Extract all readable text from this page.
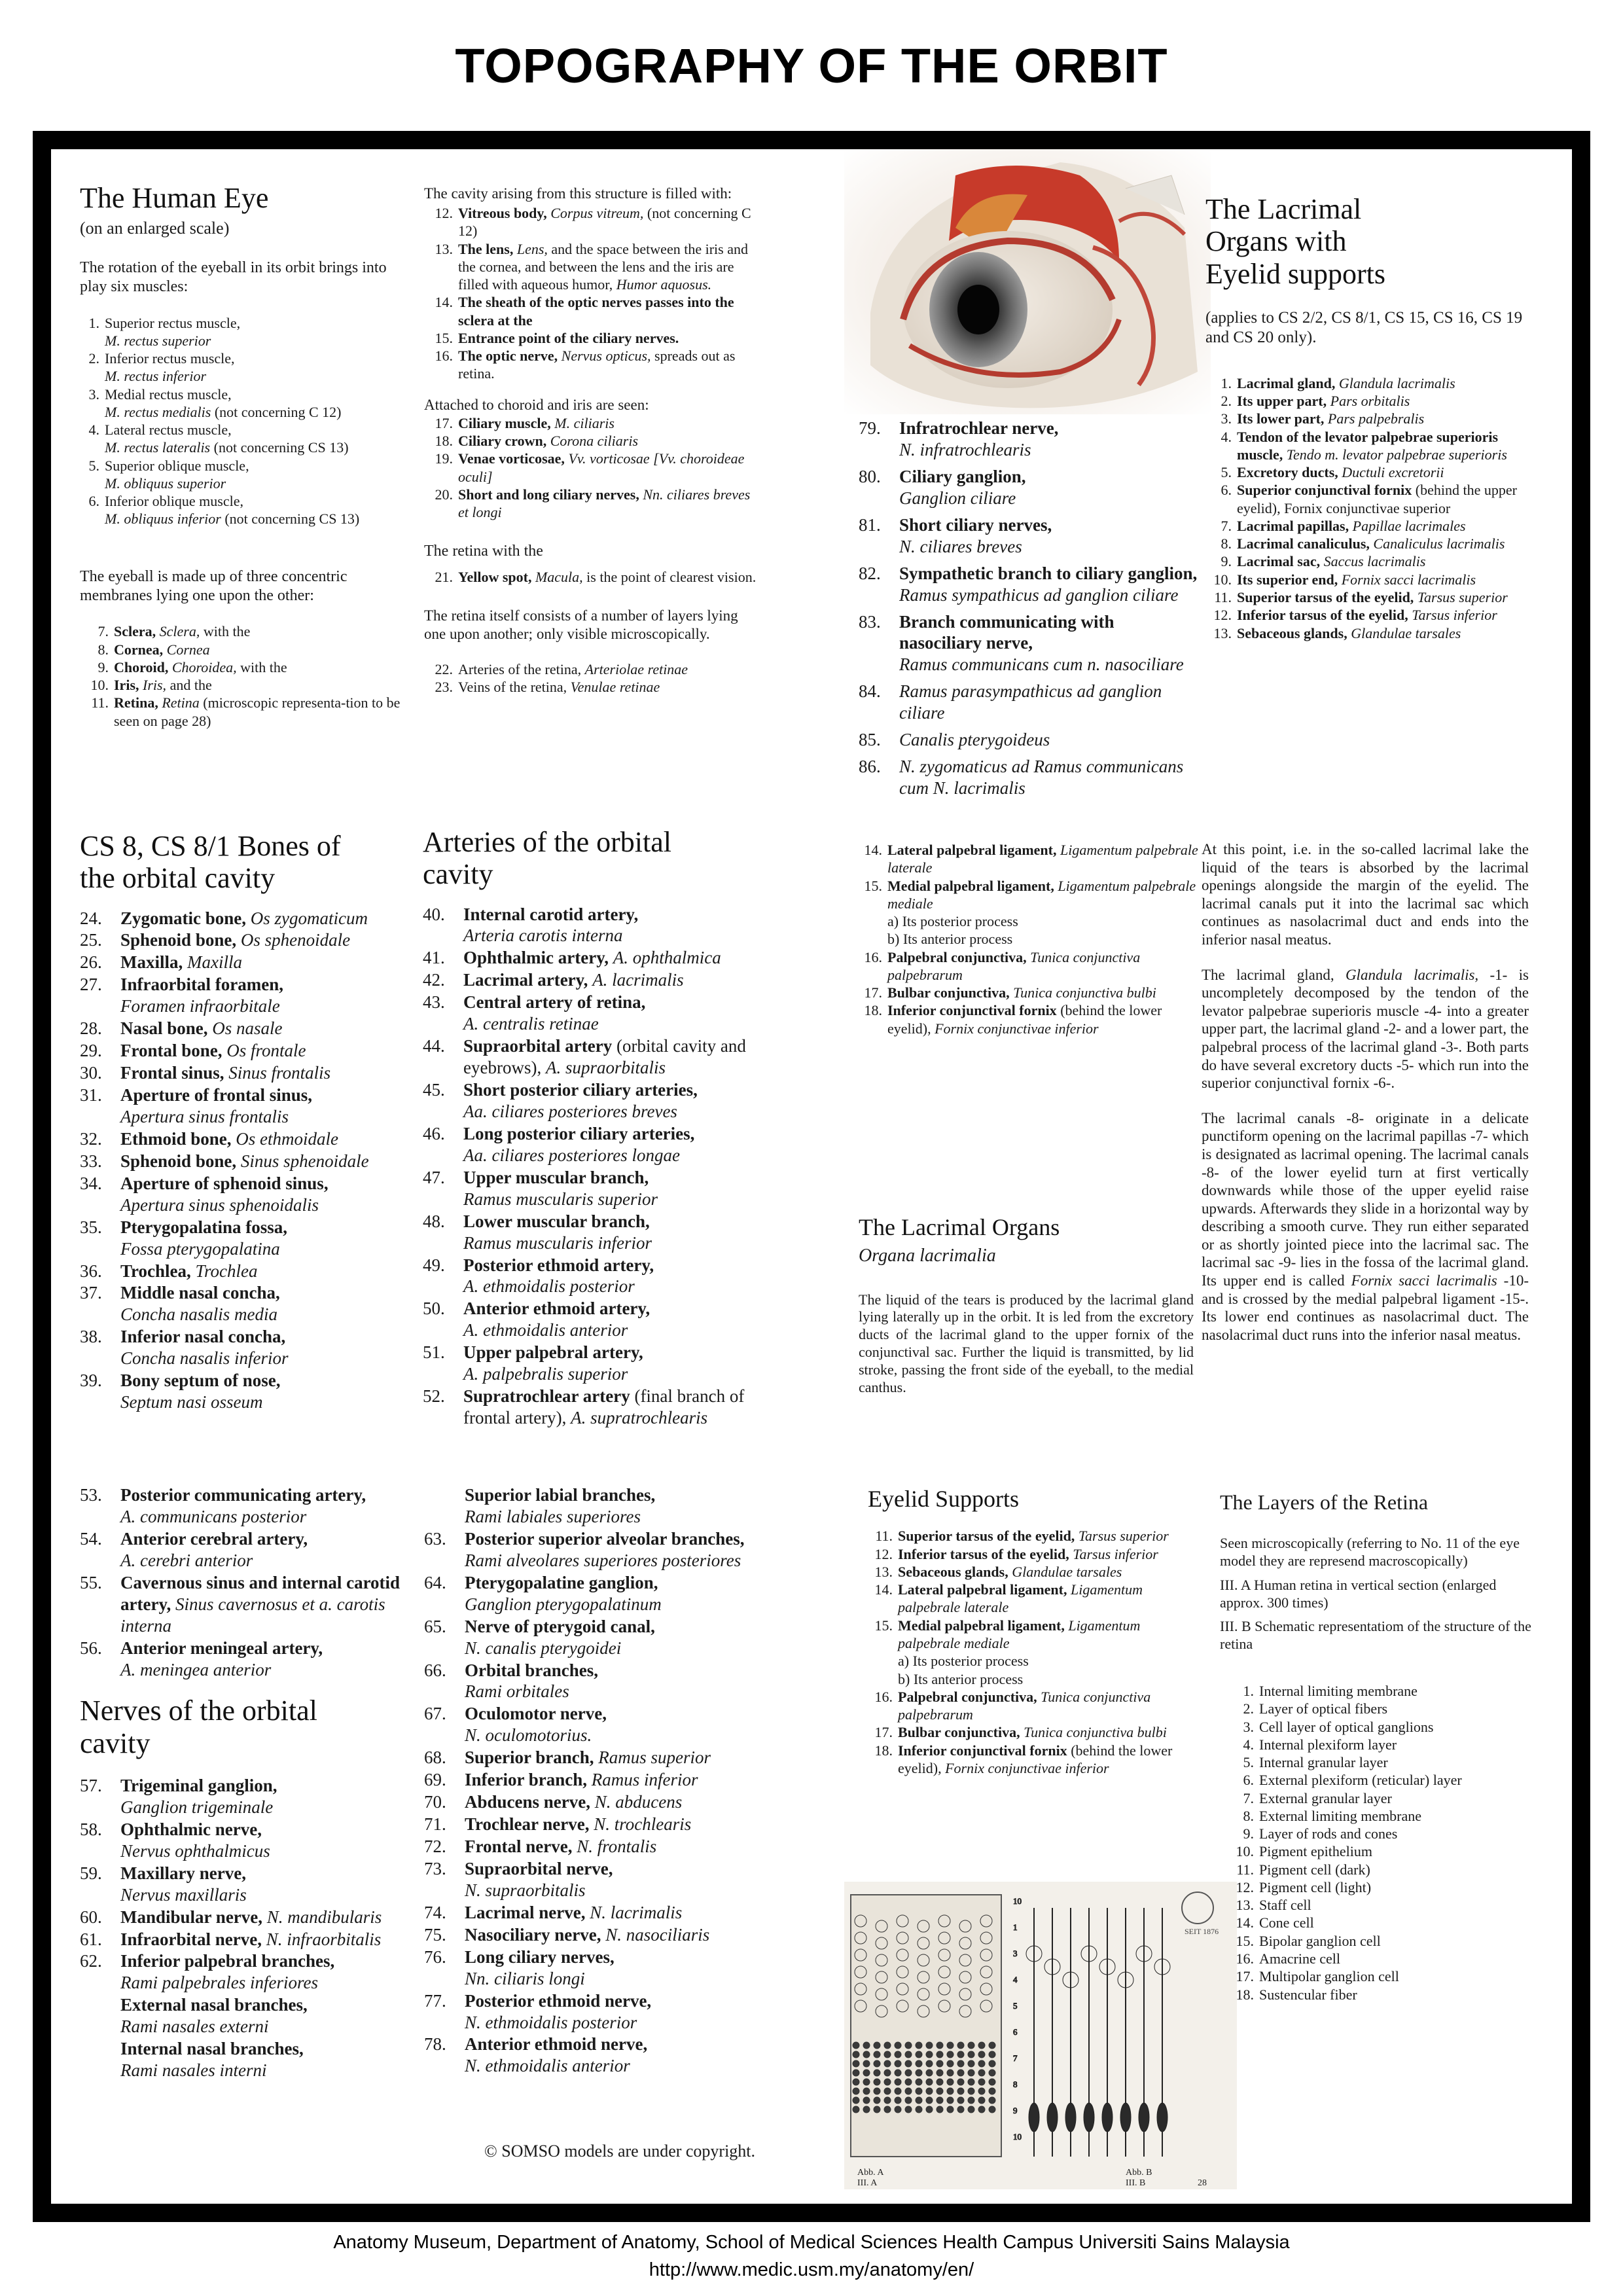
TOPOGRAPHY OF THE ORBIT
The Human Eye
(on an enlarged scale)

The rotation of the eyeball in its orbit brings into play six muscles:

1. Superior rectus muscle,
M. rectus superior
2. Inferior rectus muscle,
M. rectus inferior
3. Medial rectus muscle,
M. rectus medialis (not concerning C 12)
4. Lateral rectus muscle,
M. rectus lateralis (not concerning CS 13)
5. Superior oblique muscle,
M. obliquus superior
6. Inferior oblique muscle,
M. obliquus inferior (not concerning CS 13)

The eyeball is made up of three concentric membranes lying one upon the other:

7. Sclera, Sclera, with the
8. Cornea, Cornea
9. Choroid, Choroidea, with the
10. Iris, Iris, and the
11. Retina, Retina (microscopic representa-tion to be seen on page 28)
The cavity arising from this structure is filled with:
12. Vitreous body, Corpus vitreum, (not concerning C 12)
13. The lens, Lens, and the space between the iris and the cornea, and between the lens and the iris are filled with aqueous humor, Humor aquosus.
14. The sheath of the optic nerves passes into the sclera at the
15. Entrance point of the ciliary nerves.
16. The optic nerve, Nervus opticus, spreads out as retina.
Attached to choroid and iris are seen:
17. Ciliary muscle, M. ciliaris
18. Ciliary crown, Corona ciliaris
19. Venae vorticosae, Vv. vorticosae [Vv. choroideae oculi]
20. Short and long ciliary nerves, Nn. ciliares breves et longi
The retina with the
21. Yellow spot, Macula, is the point of clearest vision.
The retina itself consists of a number of layers lying one upon another; only visible microscopically.
22. Arteries of the retina, Arteriolae retinae
23. Veins of the retina, Venulae retinae
79.	Infratrochlear nerve,
N. infratrochlearis
80.	Ciliary ganglion,
Ganglion ciliare
81.	Short ciliary nerves,
N. ciliares breves
82.	Sympathetic branch to ciliary ganglion,
Ramus sympathicus ad ganglion ciliare
83.	Branch communicating with nasociliary nerve,
Ramus communicans cum n. nasociliare
84.	Ramus parasympathicus ad ganglion ciliare
85.	Canalis pterygoideus
86.	N. zygomaticus ad Ramus communicans cum N. lacrimalis
The Lacrimal Organs with Eyelid supports

(applies to CS 2/2, CS 8/1, CS 15, CS 16, CS 19 and CS 20 only).

1. Lacrimal gland, Glandula lacrimalis
2. Its upper part, Pars orbitalis
3. Its lower part, Pars palpebralis
4. Tendon of the levator palpebrae superioris muscle, Tendo m. levator palpebrae superioris
5. Excretory ducts, Ductuli excretorii
6. Superior conjunctival fornix (behind the upper eyelid), Fornix conjunctivae superior
7. Lacrimal papillas, Papillae lacrimales
8. Lacrimal canaliculus, Canaliculus lacrimalis
9. Lacrimal sac, Saccus lacrimalis
10. Its superior end, Fornix sacci lacrimalis
11. Superior tarsus of the eyelid, Tarsus superior
12. Inferior tarsus of the eyelid, Tarsus inferior
13. Sebaceous glands, Glandulae tarsales
CS 8, CS 8/1 Bones of the orbital cavity
24.	Zygomatic bone, Os zygomaticum
25.	Sphenoid bone, Os sphenoidale
26.	Maxilla, Maxilla
27.	Infraorbital foramen,
Foramen infraorbitale
28.	Nasal bone, Os nasale
29.	Frontal bone, Os frontale
30.	Frontal sinus, Sinus frontalis
31.	Aperture of frontal sinus,
Apertura sinus frontalis
32.	Ethmoid bone, Os ethmoidale
33.	Sphenoid bone, Sinus sphenoidale
34.	Aperture of sphenoid sinus,
Apertura sinus sphenoidalis
35.	Pterygopalatina fossa,
Fossa pterygopalatina
36.	Trochlea, Trochlea
37.	Middle nasal concha,
Concha nasalis media
38.	Inferior nasal concha,
Concha nasalis inferior
39.	Bony septum of nose,
Septum nasi osseum
Arteries of the orbital cavity
40.	Internal carotid artery,
Arteria carotis interna
41.	Ophthalmic artery, A. ophthalmica
42.	Lacrimal artery, A. lacrimalis
43.	Central artery of retina,
A. centralis retinae
44.	Supraorbital artery (orbital cavity and eyebrows), A. supraorbitalis
45.	Short posterior ciliary arteries,
Aa. ciliares posteriores breves
46.	Long posterior ciliary arteries,
Aa. ciliares posteriores longae
47.	Upper muscular branch,
Ramus muscularis superior
48.	Lower muscular branch,
Ramus muscularis inferior
49.	Posterior ethmoid artery,
A. ethmoidalis posterior
50.	Anterior ethmoid artery,
A. ethmoidalis anterior
51.	Upper palpebral artery,
A. palpebralis superior
52.	Supratrochlear artery (final branch of frontal artery), A. supratrochlearis
14. Lateral palpebral ligament, Ligamentum palpebrale laterale
15. Medial palpebral ligament, Ligamentum palpebrale mediale
a) Its posterior process
b) Its anterior process
16. Palpebral conjunctiva, Tunica conjunctiva palpebrarum
17. Bulbar conjunctiva, Tunica conjunctiva bulbi
18. Inferior conjunctival fornix (behind the lower eyelid), Fornix conjunctivae inferior
The Lacrimal Organs
Organa lacrimalia

The liquid of the tears is produced by the lacrimal gland lying laterally up in the orbit. It is led from the excretory ducts of the lacrimal gland to the upper fornix of the conjunctival sac. Further the liquid is transmitted, by lid stroke, passing the front side of the eyeball, to the medial canthus.

At this point, i.e. in the so-called lacrimal lake the liquid of the tears is absorbed by the lacrimal openings alongside the margin of the eyelid. The lacrimal canals put it into the lacrimal sac which continues as nasolacrimal duct and ends into the inferior nasal meatus.

The lacrimal gland, Glandula lacrimalis, -1- is uncompletely decomposed by the tendon of the levator palpebrae superioris muscle -4- into a greater upper part, the lacrimal gland -2- and a lower part, the palpebral process of the lacrimal gland -3-. Both parts do have several excretory ducts -5- which run into the superior conjunctival fornix -6-.

The lacrimal canals -8- originate in a delicate punctiform opening on the lacrimal papillas -7- which is designated as lacrimal opening. The lacrimal canals -8- of the lower eyelid turn at first vertically downwards while those of the upper eyelid raise upwards. Afterwards they slide in a horizontal way by describing a smooth curve. They run either separated or as shortly jointed piece into the lacrimal sac. The lacrimal sac -9- lies in the fossa of the lacrimal gland. Its upper end is called Fornix sacci lacrimalis -10- and is crossed by the medial palpebral ligament -15-. Its lower end continues as nasolacrimal duct. The nasolacrimal duct runs into the inferior nasal meatus.

53.	Posterior communicating artery,
A. communicans posterior
54.	Anterior cerebral artery,
A. cerebri anterior
55.	Cavernous sinus and internal carotid artery, Sinus cavernosus et a. carotis interna
56.	Anterior meningeal artery,
A. meningea anterior
Nerves of the orbital cavity
57.	Trigeminal ganglion,
Ganglion trigeminale
58.	Ophthalmic nerve,
Nervus ophthalmicus
59.	Maxillary nerve,
Nervus maxillaris
60.	Mandibular nerve, N. mandibularis
61.	Infraorbital nerve, N. infraorbitalis
62.	Inferior palpebral branches,
Rami palpebrales inferiores
External nasal branches,
Rami nasales externi
Internal nasal branches,
Rami nasales interni
Superior labial branches,
Rami labiales superiores
63.	Posterior superior alveolar branches, Rami alveolares superiores posteriores
64.	Pterygopalatine ganglion,
Ganglion pterygopalatinum
65.	Nerve of pterygoid canal,
N. canalis pterygoidei
66.	Orbital branches,
Rami orbitales
67.	Oculomotor nerve,
N. oculomotorius.
68.	Superior branch, Ramus superior
69.	Inferior branch, Ramus inferior
70.	Abducens nerve, N. abducens
71.	Trochlear nerve, N. trochlearis
72.	Frontal nerve, N. frontalis
73.	Supraorbital nerve,
N. supraorbitalis
74.	Lacrimal nerve, N. lacrimalis
75.	Nasociliary nerve, N. nasociliaris
76.	Long ciliary nerves,
Nn. ciliaris longi
77.	Posterior ethmoid nerve,
N. ethmoidalis posterior
78.	Anterior ethmoid nerve,
N. ethmoidalis anterior
Eyelid Supports
11. Superior tarsus of the eyelid, Tarsus superior
12. Inferior tarsus of the eyelid, Tarsus inferior
13. Sebaceous glands, Glandulae tarsales
14. Lateral palpebral ligament, Ligamentum palpebrale laterale
15. Medial palpebral ligament, Ligamentum palpebrale mediale
a) Its posterior process
b) Its anterior process
16. Palpebral conjunctiva, Tunica conjunctiva palpebrarum
17. Bulbar conjunctiva, Tunica conjunctiva bulbi
18. Inferior conjunctival fornix (behind the lower eyelid), Fornix conjunctivae inferior
10
1
3
4
5
6
7
8
9
10
Abb. A
III. A
Abb. B
III. B	28
SEIT 1876
The Layers of the Retina
Seen microscopically (referring to No. 11 of the eye model they are represend macroscopically)
III. A Human retina in vertical section (enlarged approx. 300 times)
III. B Schematic representatiom of the structure of the retina
1. Internal limiting membrane
2. Layer of optical fibers
3. Cell layer of optical ganglions
4. Internal plexiform layer
5. Internal granular layer
6. External plexiform (reticular) layer
7. External granular layer
8. External limiting membrane
9. Layer of rods and cones
10. Pigment epithelium
11. Pigment cell (dark)
12. Pigment cell (light)
13. Staff cell
14. Cone cell
15. Bipolar ganglion cell
16. Amacrine cell
17. Multipolar ganglion cell
18. Sustencular fiber
© SOMSO models are under copyright.
Anatomy Museum, Department of Anatomy, School of Medical Sciences Health Campus Universiti Sains Malaysia
http://www.medic.usm.my/anatomy/en/
